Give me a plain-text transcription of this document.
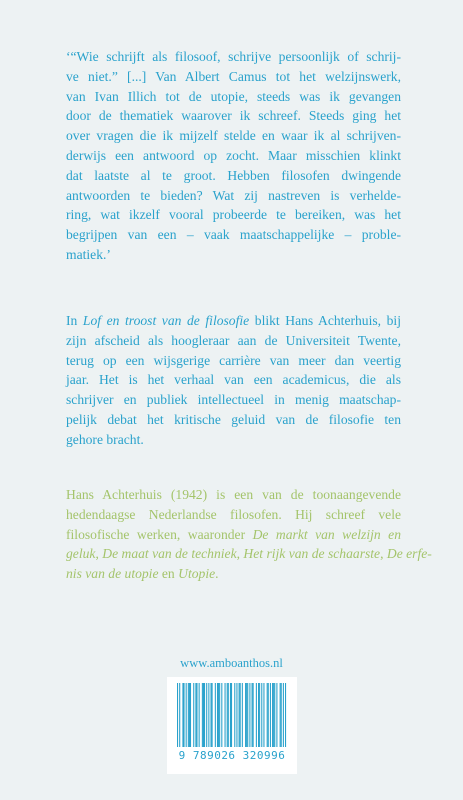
‘“Wie schrijft als filosoof, schrijve persoonlijk of schrij-
ve niet.” [...] Van Albert Camus tot het welzijnswerk,
van Ivan Illich tot de utopie, steeds was ik gevangen
door de thematiek waarover ik schreef. Steeds ging het
over vragen die ik mijzelf stelde en waar ik al schrijven-
derwijs een antwoord op zocht. Maar misschien klinkt
dat laatste al te groot. Hebben filosofen dwingende
antwoorden te bieden? Wat zij nastreven is verhelde-
ring, wat ikzelf vooral probeerde te bereiken, was het
begrijpen van een – vaak maatschappelijke – proble-
matiek.’
In Lof en troost van de filosofie blikt Hans Achterhuis, bij
zijn afscheid als hoogleraar aan de Universiteit Twente,
terug op een wijsgerige carrière van meer dan veertig
jaar. Het is het verhaal van een academicus, die als
schrijver en publiek intellectueel in menig maatschap-
pelijk debat het kritische geluid van de filosofie ten
gehore bracht.
Hans Achterhuis (1942) is een van de toonaangevende
hedendaagse Nederlandse filosofen. Hij schreef vele
filosofische werken, waaronder De markt van welzijn en
geluk, De maat van de techniek, Het rijk van de schaarste, De erfe-
nis van de utopie en Utopie.
www.amboanthos.nl
9 789026 320996
